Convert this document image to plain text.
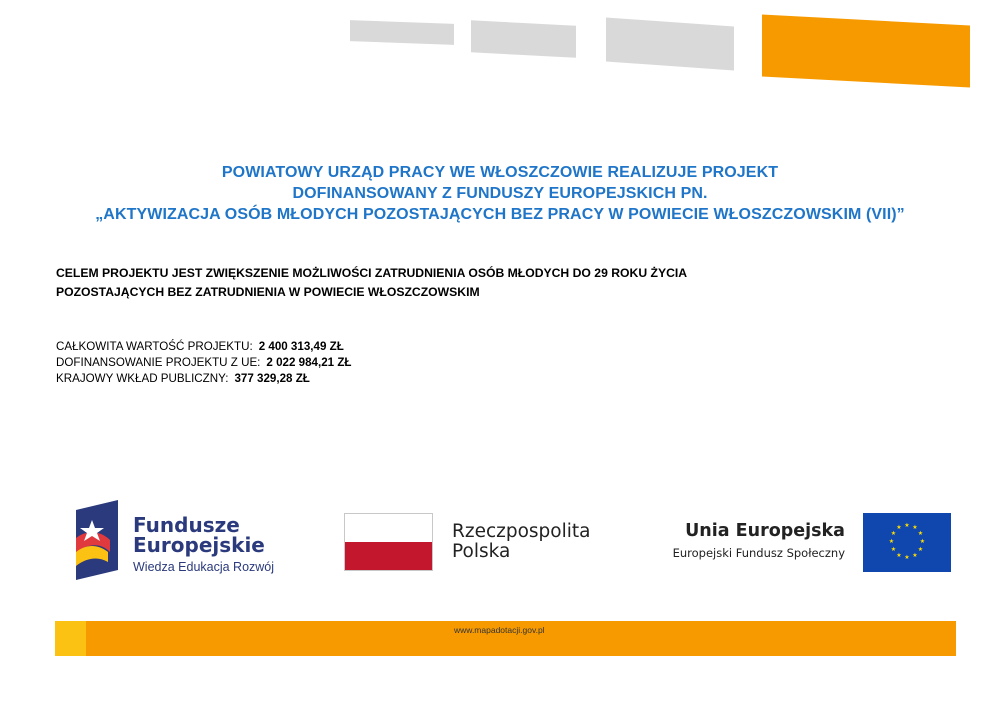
POWIATOWY URZĄD PRACY WE WŁOSZCZOWIE REALIZUJE PROJEKT
DOFINANSOWANY Z FUNDUSZY EUROPEJSKICH PN.
„AKTYWIZACJA OSÓB MŁODYCH POZOSTAJĄCYCH BEZ PRACY W POWIECIE WŁOSZCZOWSKIM (VII)”
CELEM PROJEKTU JEST ZWIĘKSZENIE MOŻLIWOŚCI ZATRUDNIENIA OSÓB MŁODYCH DO 29 ROKU ŻYCIA
POZOSTAJĄCYCH BEZ ZATRUDNIENIA W POWIECIE WŁOSZCZOWSKIM
CAŁKOWITA WARTOŚĆ PROJEKTU: 2 400 313,49 ZŁ
DOFINANSOWANIE PROJEKTU Z UE: 2 022 984,21 ZŁ
KRAJOWY WKŁAD PUBLICZNY: 377 329,28 ZŁ
Fundusze
Europejskie
Wiedza Edukacja Rozwój
Rzeczpospolita
Polska
Unia Europejska
Europejski Fundusz Społeczny
★ ★
★
★
★
★
★
★
★
★
★
★
www.mapadotacji.gov.pl
